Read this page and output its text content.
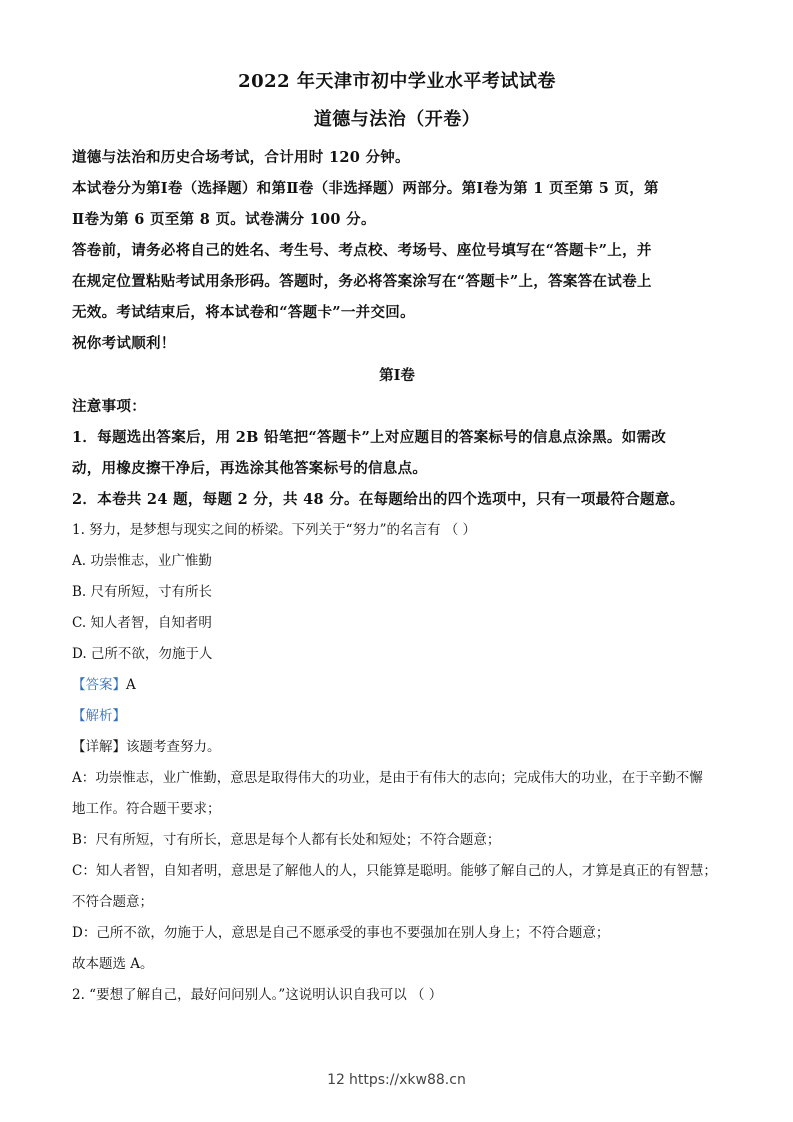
2022 年天津市初中学业水平考试试卷
道德与法治（开卷）

道德与法治和历史合场考试，合计用时 120 分钟。

本试卷分为第Ⅰ卷（选择题）和第Ⅱ卷（非选择题）两部分。第Ⅰ卷为第 1 页至第 5 页，第

Ⅱ卷为第 6 页至第 8 页。试卷满分 100 分。

答卷前，请务必将自己的姓名、考生号、考点校、考场号、座位号填写在“答题卡”上，并

在规定位置粘贴考试用条形码。答题时，务必将答案涂写在“答题卡”上，答案答在试卷上

无效。考试结束后，将本试卷和“答题卡”一并交回。

祝你考试顺利！

第Ⅰ卷

注意事项：

1．每题选出答案后，用 2B 铅笔把“答题卡”上对应题目的答案标号的信息点涂黑。如需改

动，用橡皮擦干净后，再选涂其他答案标号的信息点。

2．本卷共 24 题，每题 2 分，共 48 分。在每题给出的四个选项中，只有一项最符合题意。

1. 努力，是梦想与现实之间的桥梁。下列关于“努力”的名言有 （ ）

A. 功崇惟志，业广惟勤

B. 尺有所短，寸有所长

C. 知人者智，自知者明

D. 己所不欲，勿施于人

【答案】A

【解析】

【详解】该题考查努力。

A：功崇惟志，业广惟勤，意思是取得伟大的功业，是由于有伟大的志向；完成伟大的功业，在于辛勤不懈

地工作。符合题干要求；

B：尺有所短，寸有所长，意思是每个人都有长处和短处；不符合题意；

C：知人者智，自知者明，意思是了解他人的人，只能算是聪明。能够了解自己的人，才算是真正的有智慧；

不符合题意；

D：己所不欲，勿施于人，意思是自己不愿承受的事也不要强加在别人身上；不符合题意；

故本题选 A。

2. “要想了解自己，最好问问别人。”这说明认识自我可以 （ ）

12 https://xkw88.cn
